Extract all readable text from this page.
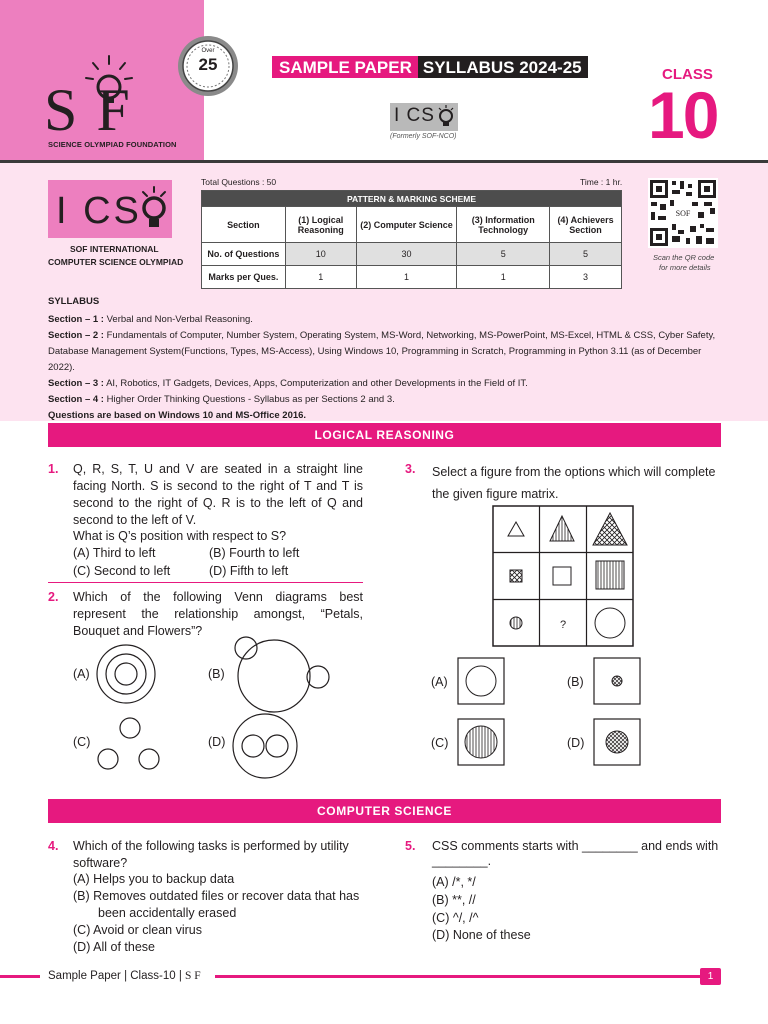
S F
SCIENCE OLYMPIAD FOUNDATION
Over
25	SAMPLE PAPER SYLLABUS 2024-25
I CS
(Formerly SOF-NCO)
CLASS
10
I CS
SOF INTERNATIONAL
COMPUTER SCIENCE OLYMPIAD
Total Questions : 50	Time : 1 hr.
PATTERN & MARKING SCHEME				
Section	(1) Logical Reasoning	(2) Computer Science	(3) Information Technology	(4) Achievers Section
No. of Questions	10	30	5	5
Marks per Ques.	1	1	1	3
SOF
Scan the QR code
for more details

SYLLABUS

Section – 1 : Verbal and Non-Verbal Reasoning.

Section – 2 : Fundamentals of Computer, Number System, Operating System, MS-Word, Networking, MS-PowerPoint, MS-Excel, HTML & CSS, Cyber Safety, Database Management System(Functions, Types, MS-Access), Using Windows 10, Programming in Scratch, Programming in Python 3.11 (as of December 2022).

Section – 3 : AI, Robotics, IT Gadgets, Devices, Apps, Computerization and other Developments in the Field of IT.

Section – 4 : Higher Order Thinking Questions - Syllabus as per Sections 2 and 3.

Questions are based on Windows 10 and MS-Office 2016.

LOGICAL REASONING
1. Q, R, S, T, U and V are seated in a straight line facing North. S is second to the right of T and T is second to the right of Q. R is to the left of Q and second to the left of V.
What is Q’s position with respect to S?
(A) Third to left	(B) Fourth to left
(C) Second to left	(D) Fifth to left
2. Which of the following Venn diagrams best represent the relationship amongst, “Petals, Bouquet and Flowers”?
(A)	(B)
(C)	(D)
3. Select a figure from the options which will complete the given figure matrix.
?
(A)	(B)
(C)	(D)
COMPUTER SCIENCE
4. Which of the following tasks is performed by utility software?
(A) Helps you to backup data
(B) Removes outdated files or recover data that has
been accidentally erased
(C) Avoid or clean virus
(D) All of these
5. CSS comments starts with ________ and ends with
________.
(A) /*, */
(B) **, //
(C) ^/, /^
(D) None of these
Sample Paper | Class-10 | S F	1
